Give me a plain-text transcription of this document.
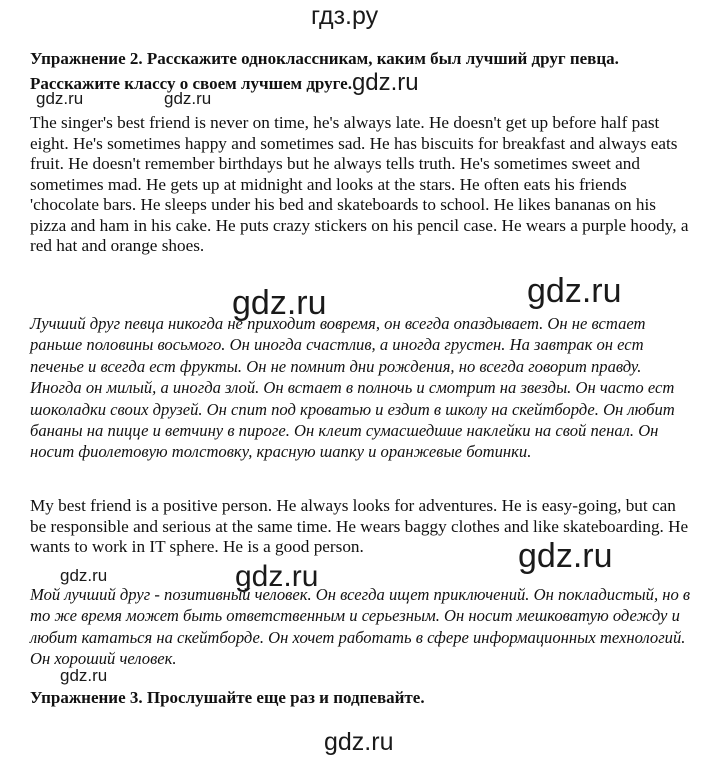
гдз.ру
Упражнение 2. Расскажите одноклассникам, каким был лучший друг певца. Расскажите классу о своем лучшем друге.gdz.ru
gdz.ru	gdz.ru

The singer's best friend is never on time, he's always late. He doesn't get up before half past eight. He's sometimes happy and sometimes sad. He has biscuits for breakfast and always eats fruit. He doesn't remember birthdays but he always tells truth. He's sometimes sweet and sometimes mad. He gets up at midnight and looks at the stars. He often eats his friends 'chocolate bars. He sleeps under his bed and skateboards to school. He likes bananas on his pizza and ham in his cake. He puts crazy stickers on his pencil case. He wears a purple hoody, a red hat and orange shoes.

gdz.ru	gdz.ru

Лучший друг певца никогда не приходит вовремя, он всегда опаздывает. Он не встает раньше половины восьмого. Он иногда счастлив, а иногда грустен. На завтрак он ест печенье и всегда ест фрукты. Он не помнит дни рождения, но всегда говорит правду. Иногда он милый, а иногда злой. Он встает в полночь и смотрит на звезды. Он часто ест шоколадки своих друзей. Он спит под кроватью и ездит в школу на скейтборде. Он любит бананы на пицце и ветчину в пироге. Он клеит сумасшедшие наклейки на свой пенал. Он носит фиолетовую толстовку, красную шапку и оранжевые ботинки.

My best friend is a positive person. He always looks for adventures. He is easy-going, but can be responsible and serious at the same time. He wears baggy clothes and like skateboarding. He wants to work in IT sphere. He is a good person.	gdz.ru
gdz.ru	gdz.ru

Мой лучший друг - позитивный человек. Он всегда ищет приключений. Он покладистый, но в то же время может быть ответственным и серьезным. Он носит мешковатую одежду и любит кататься на скейтборде. Он хочет работать в сфере информационных технологий. Он хороший человек.

gdz.ru
Упражнение 3. Прослушайте еще раз и подпевайте.
gdz.ru
